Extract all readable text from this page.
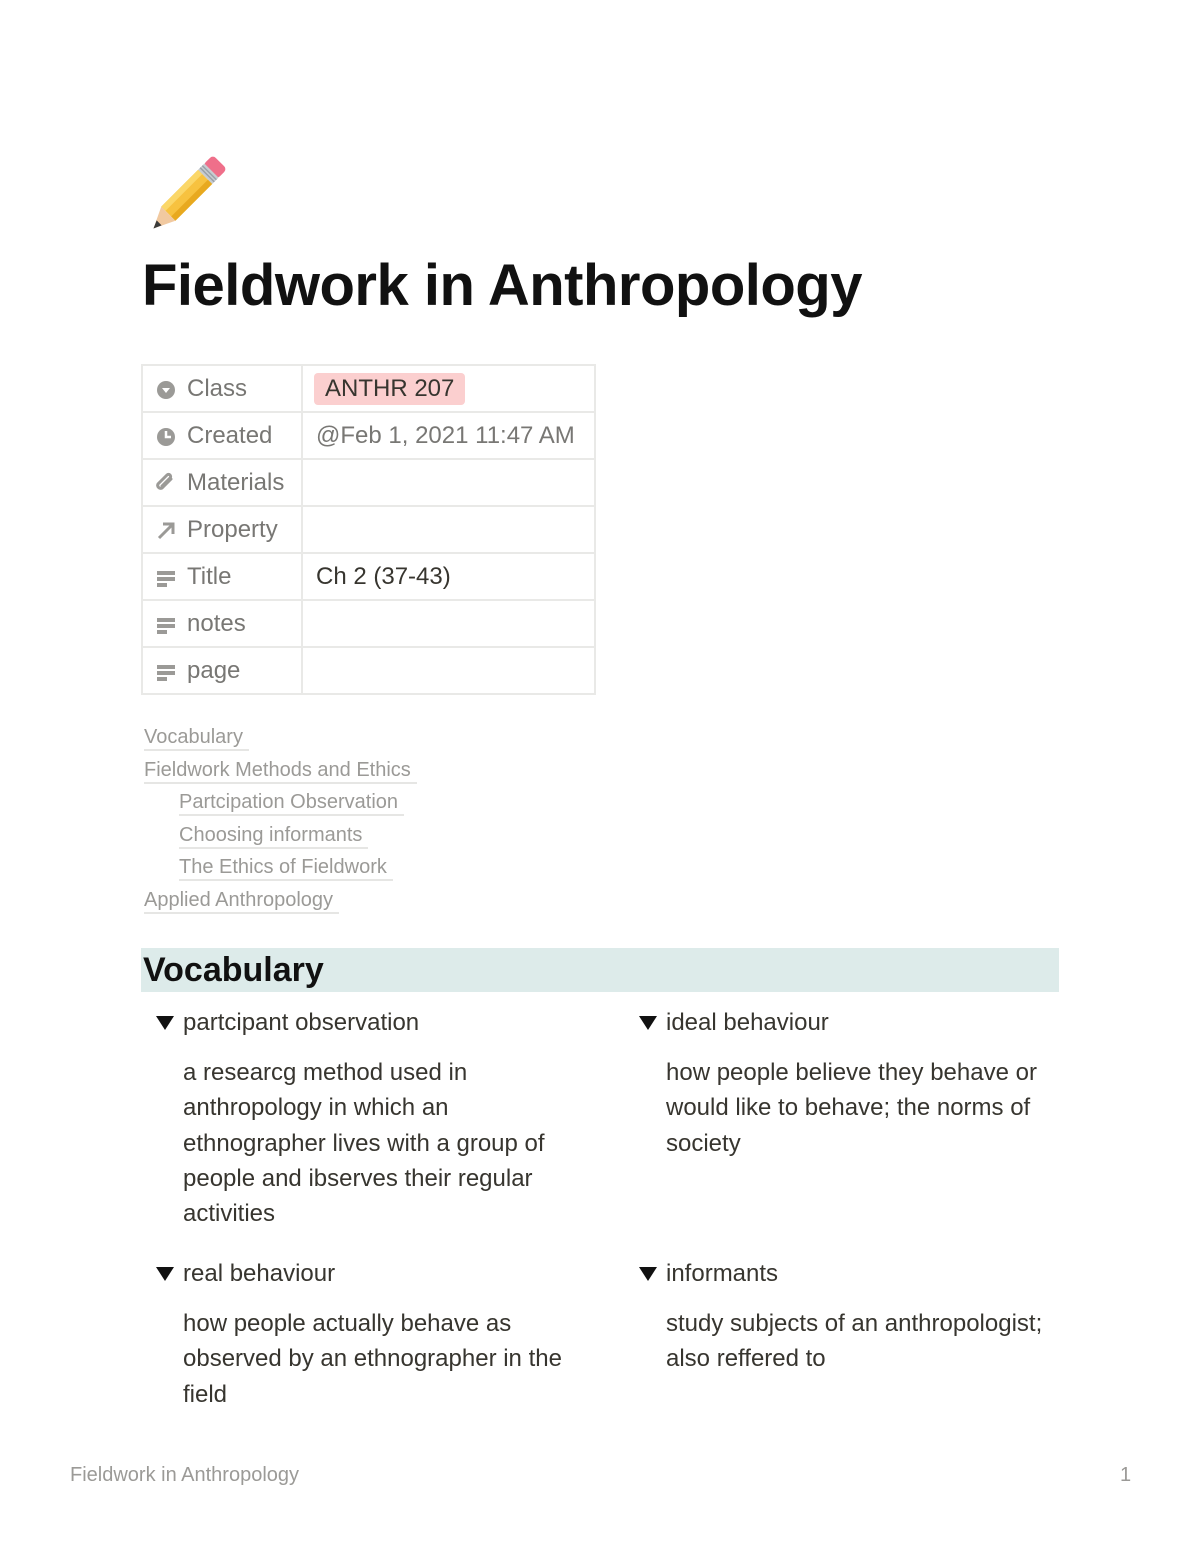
Fieldwork in Anthropology
Class	ANTHR 207

Created	@Feb 1, 2021 11:47 AM

Materials	

Property	

Title	Ch 2 (37-43)

notes	

page	

Vocabulary
Fieldwork Methods and Ethics
Partcipation Observation
Choosing informants
The Ethics of Fieldwork
Applied Anthropology
Vocabulary
partcipant observation
a researcg method used in anthropology in which an ethnographer lives with a group of people and ibserves their regular activities
ideal behaviour
how people believe they behave or would like to behave; the norms of society
real behaviour
how people actually behave as observed by an ethnographer in the field
informants
study subjects of an anthropologist; also reffered to
Fieldwork in Anthropology	1
